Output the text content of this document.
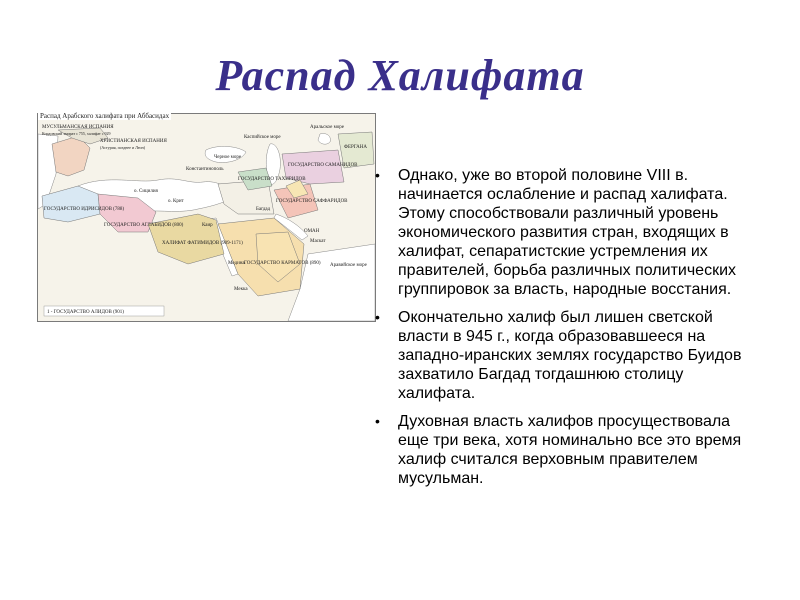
Распад Халифата
МУСУЛЬМАНСКАЯ ИСПАНИЯ
Кордовский эмират с 755, халифат с 929
ХРИСТИАНСКАЯ ИСПАНИЯ
(Астурия, позднее и Леон)
ГОСУДАРСТВО ИДРИСИДОВ (788)
ГОСУДАРСТВО АГЛАБИДОВ (800)
ХАЛИФАТ ФАТИМИДОВ (909-1171)
ГОСУДАРСТВО ТАХИРИДОВ
ГОСУДАРСТВО САФФАРИДОВ
ГОСУДАРСТВО САМАНИДОВ
ГОСУДАРСТВО КАРМАТОВ (890)
Черное море
Каспийское море
Аральское море
Аравийское море
ФЕРГАНА
Мекка
Медина
Багдад
Каир
Константинополь
о. Крит
о. Сицилия
Маскат
ОМАН
1 - ГОСУДАРСТВО АЛИДОВ (901)
Распад Арабского халифата при Аббасидах
• Однако, уже во второй половине VIII в. начинается ослабление и распад халифата. Этому способствовали различный уровень экономического развития стран, входящих в халифат, сепаратистские устремления их правителей, борьба различных политических группировок за власть, народные восстания.
• Окончательно халиф был лишен светской власти в 945 г., когда образовавшееся на западно-иранских землях государство Буидов захватило Багдад тогдашнюю столицу халифата.
• Духовная власть халифов просуществовала еще три века, хотя номинально все это время халиф считался верховным правителем мусульман.
